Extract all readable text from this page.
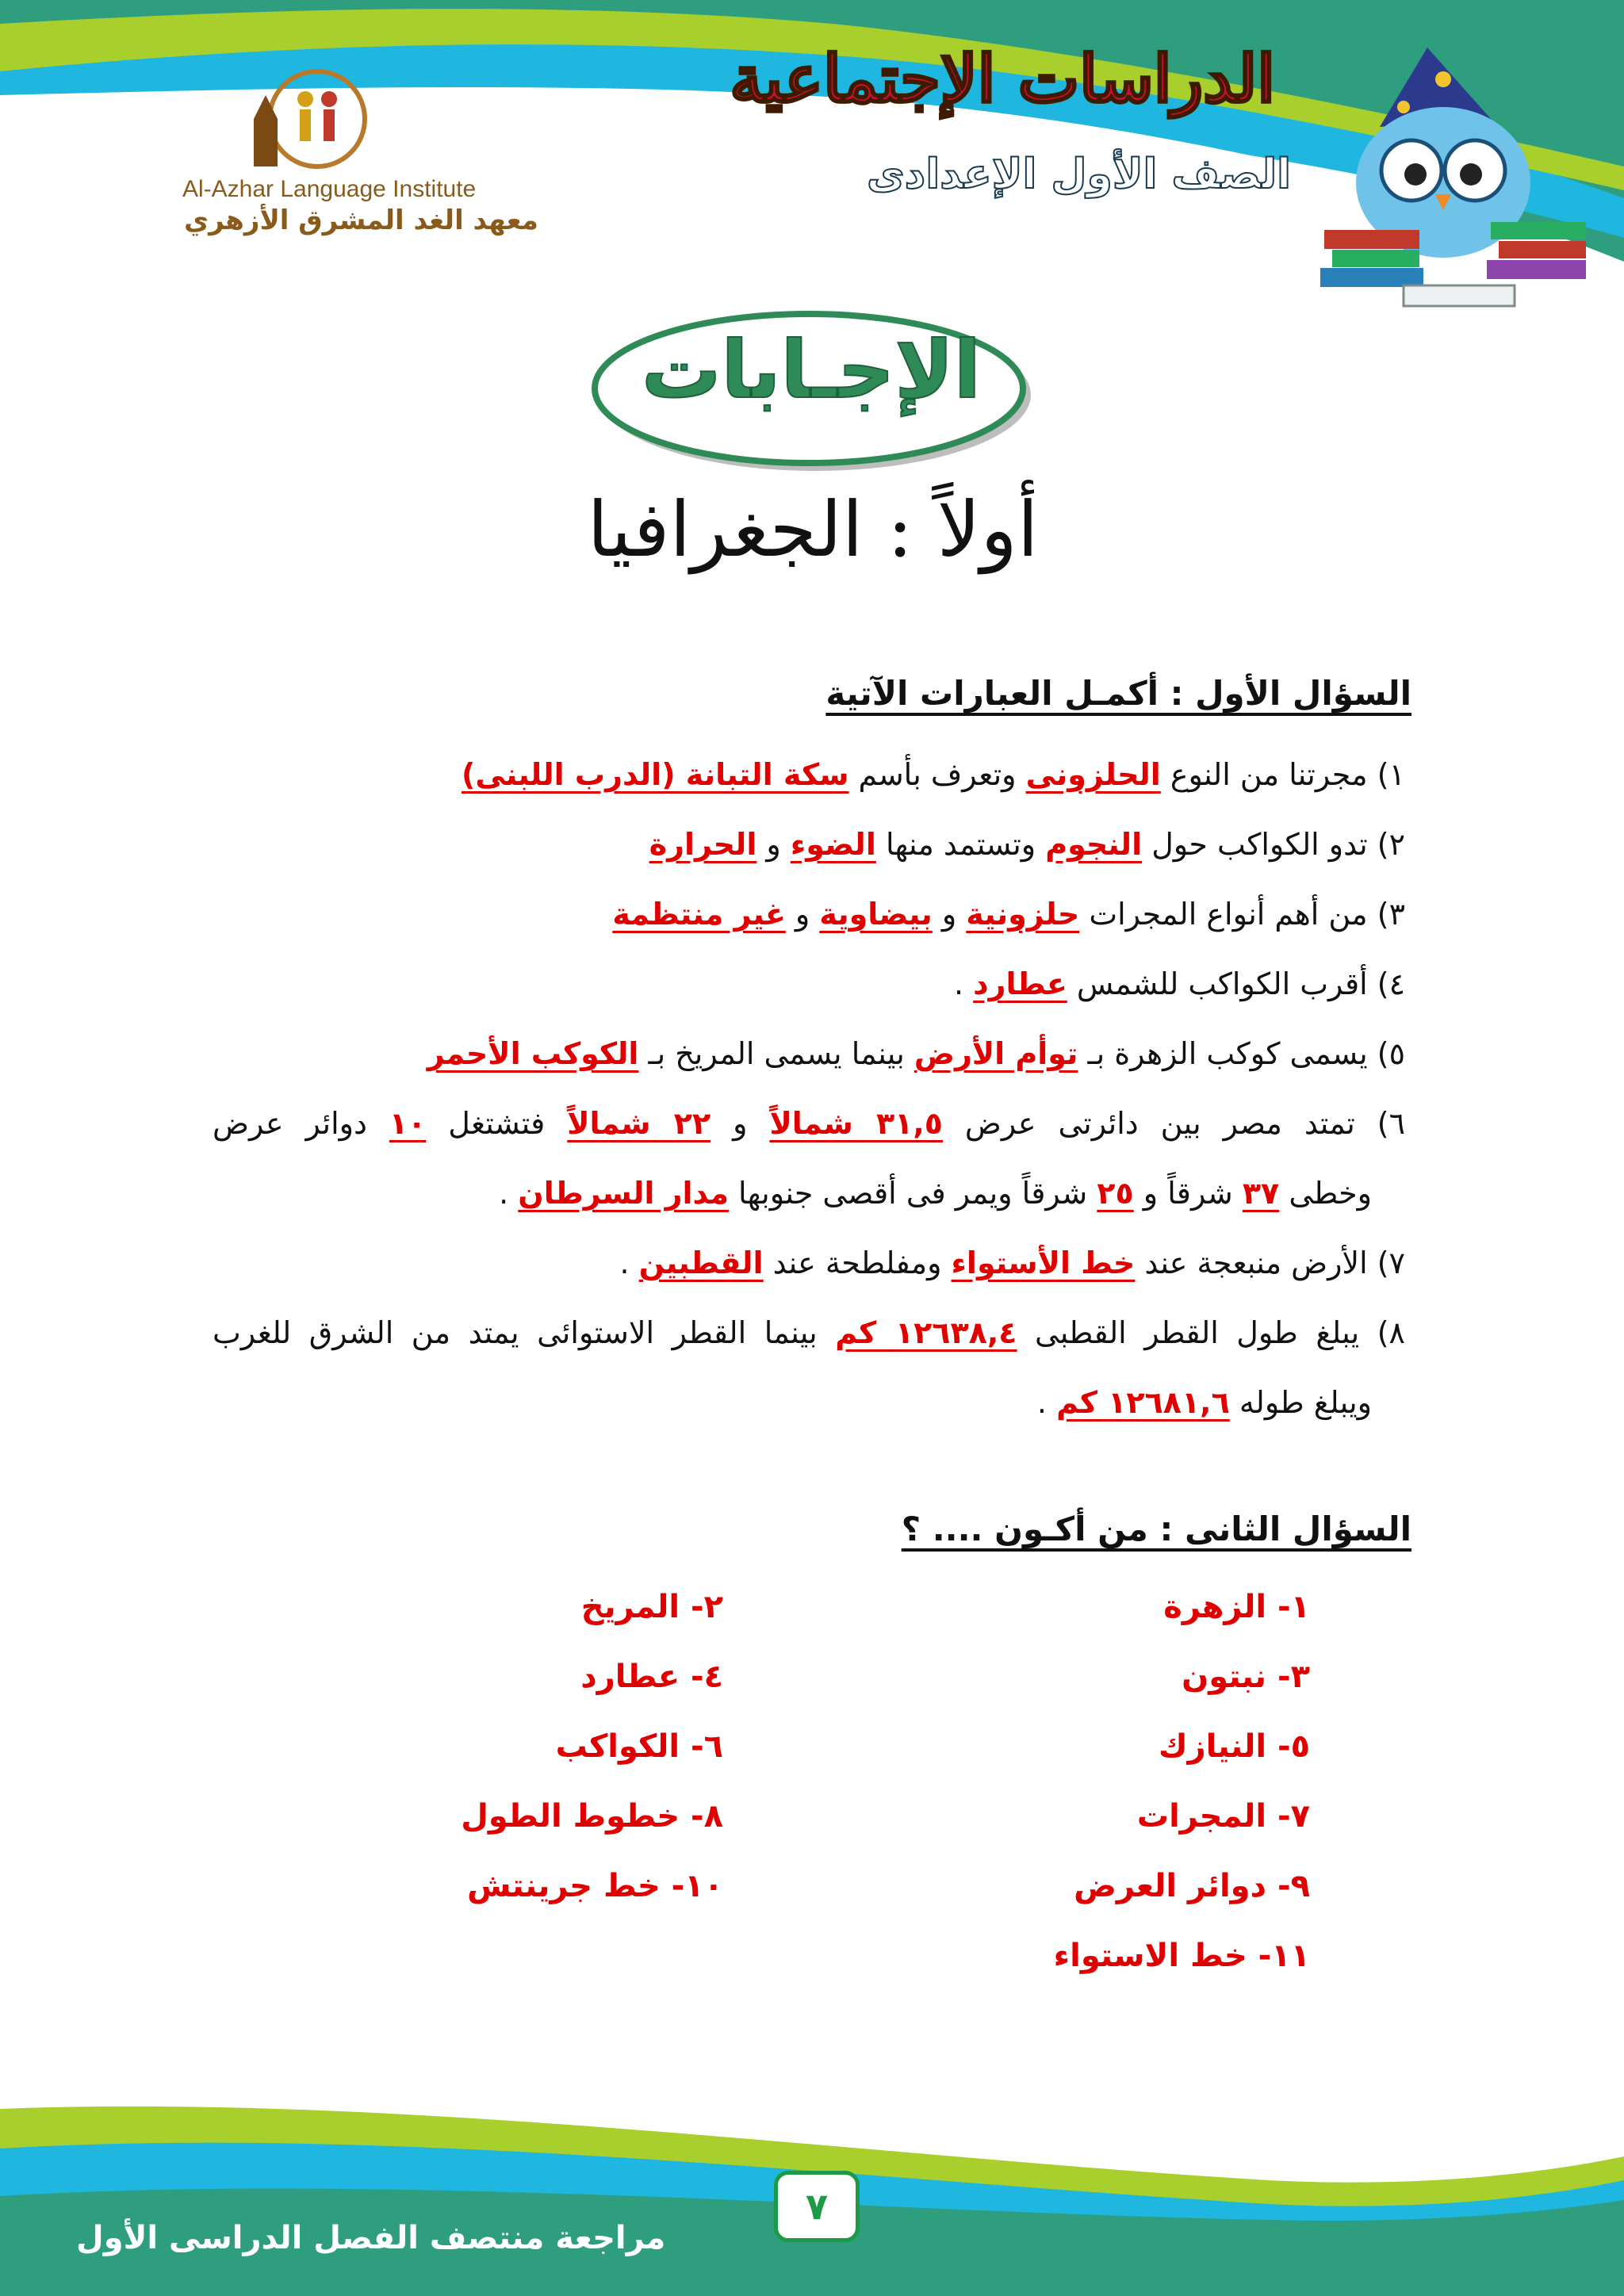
الدراسات الإجتماعية
الصف الأول الإعدادى
Al-Azhar Language Institute
معهد الغد المشرق الأزهري
الإجـابات
أولاً : الجغرافيا
السؤال الأول : أكمـل العبارات الآتية
١) مجرتنا من النوع الحلزونى وتعرف بأسم سكة التبانة (الدرب اللبنى)
٢) تدو الكواكب حول النجوم وتستمد منها الضوء و الحرارة
٣) من أهم أنواع المجرات حلزونية و بيضاوية و غير منتظمة
٤) أقرب الكواكب للشمس عطارد .
٥) يسمى كوكب الزهرة بـ توأم الأرض بينما يسمى المريخ بـ الكوكب الأحمر
٦) تمتد مصر بين دائرتى عرض ٣١,٥ شمالاً و ٢٢ شمالاً فتشتغل ١٠ دوائر عرض
وخطى ٣٧ شرقاً و ٢٥ شرقاً ويمر فى أقصى جنوبها مدار السرطان .
٧) الأرض منبعجة عند خط الأستواء ومفلطحة عند القطبين .
٨) يبلغ طول القطر القطبى ١٢٦٣٨,٤ كم بينما القطر الاستوائى يمتد من الشرق للغرب
ويبلغ طوله ١٢٦٨١,٦ كم .
السؤال الثانى : من أكـون .... ؟
١- الزهرة
٢- المريخ
٣- نبتون
٤- عطارد
٥- النيازك
٦- الكواكب
٧- المجرات
٨- خطوط الطول
٩- دوائر العرض
١٠- خط جرينتش
١١- خط الاستواء
٧
مراجعة منتصف الفصل الدراسى الأول
